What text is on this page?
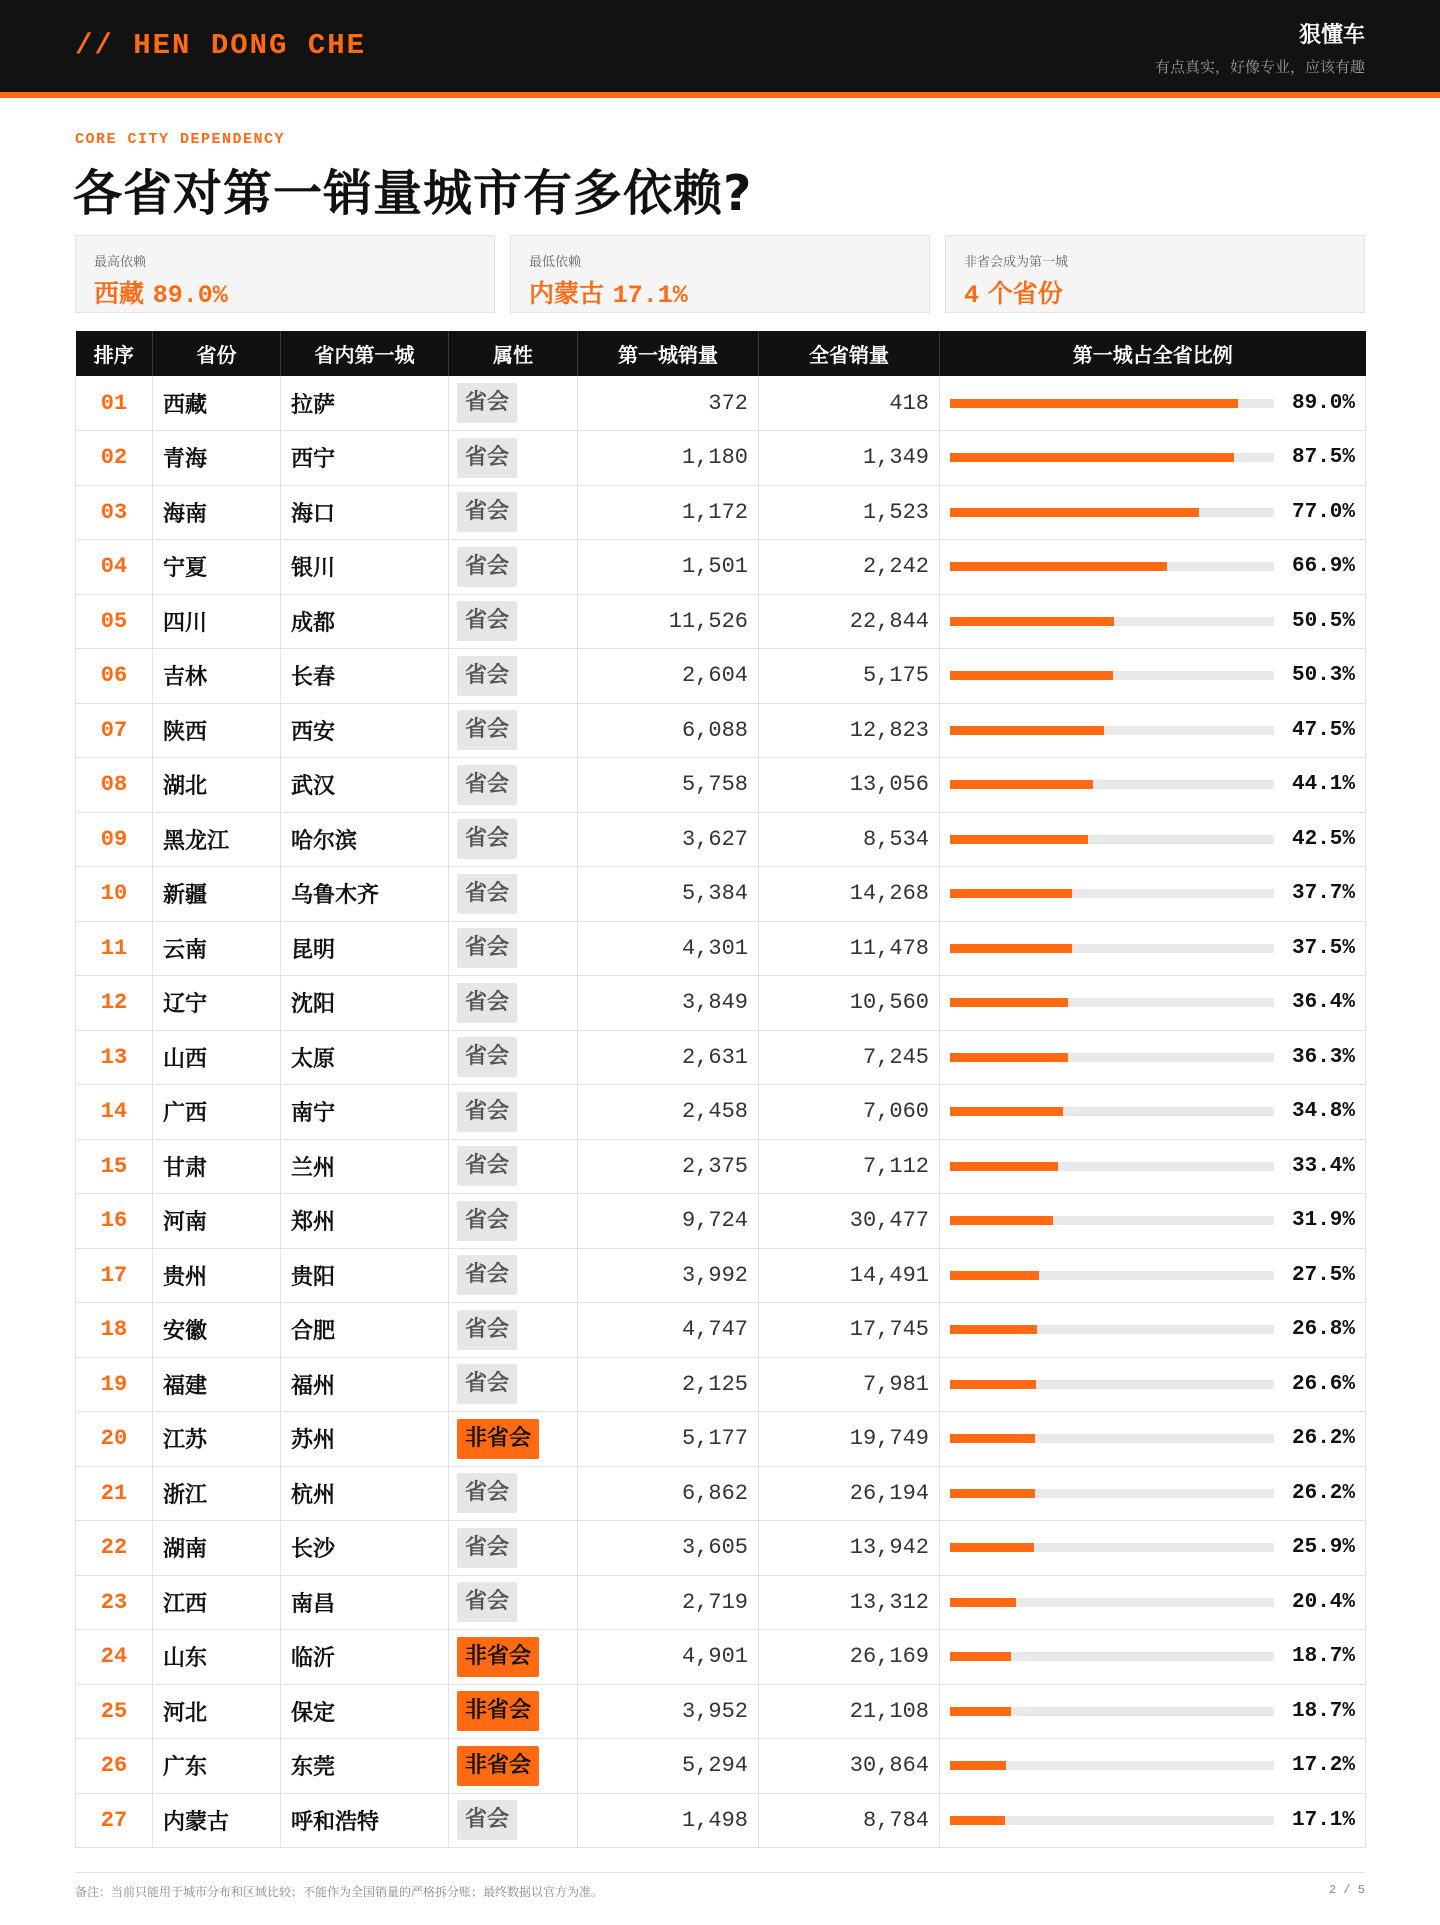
// HEN DONG CHE	狠懂车
有点真实，好像专业，应该有趣
CORE CITY DEPENDENCY
各省对第一销量城市有多依赖?
最高依赖
西藏 89.0%
最低依赖
内蒙古 17.1%
非省会成为第一城
4 个省份
排序	省份	省内第一城	属性	第一城销量	全省销量	第一城占全省比例
01	西藏	拉萨	省会	372	418	89.0%

02	青海	西宁	省会	1,180	1,349	87.5%

03	海南	海口	省会	1,172	1,523	77.0%

04	宁夏	银川	省会	1,501	2,242	66.9%

05	四川	成都	省会	11,526	22,844	50.5%

06	吉林	长春	省会	2,604	5,175	50.3%

07	陕西	西安	省会	6,088	12,823	47.5%

08	湖北	武汉	省会	5,758	13,056	44.1%

09	黑龙江	哈尔滨	省会	3,627	8,534	42.5%

10	新疆	乌鲁木齐	省会	5,384	14,268	37.7%

11	云南	昆明	省会	4,301	11,478	37.5%

12	辽宁	沈阳	省会	3,849	10,560	36.4%

13	山西	太原	省会	2,631	7,245	36.3%

14	广西	南宁	省会	2,458	7,060	34.8%

15	甘肃	兰州	省会	2,375	7,112	33.4%

16	河南	郑州	省会	9,724	30,477	31.9%

17	贵州	贵阳	省会	3,992	14,491	27.5%

18	安徽	合肥	省会	4,747	17,745	26.8%

19	福建	福州	省会	2,125	7,981	26.6%

20	江苏	苏州	非省会	5,177	19,749	26.2%

21	浙江	杭州	省会	6,862	26,194	26.2%

22	湖南	长沙	省会	3,605	13,942	25.9%

23	江西	南昌	省会	2,719	13,312	20.4%

24	山东	临沂	非省会	4,901	26,169	18.7%

25	河北	保定	非省会	3,952	21,108	18.7%

26	广东	东莞	非省会	5,294	30,864	17.2%

27	内蒙古	呼和浩特	省会	1,498	8,784	17.1%
备注：当前只能用于城市分布和区域比较；不能作为全国销量的严格拆分账；最终数据以官方为准。	2 / 5
